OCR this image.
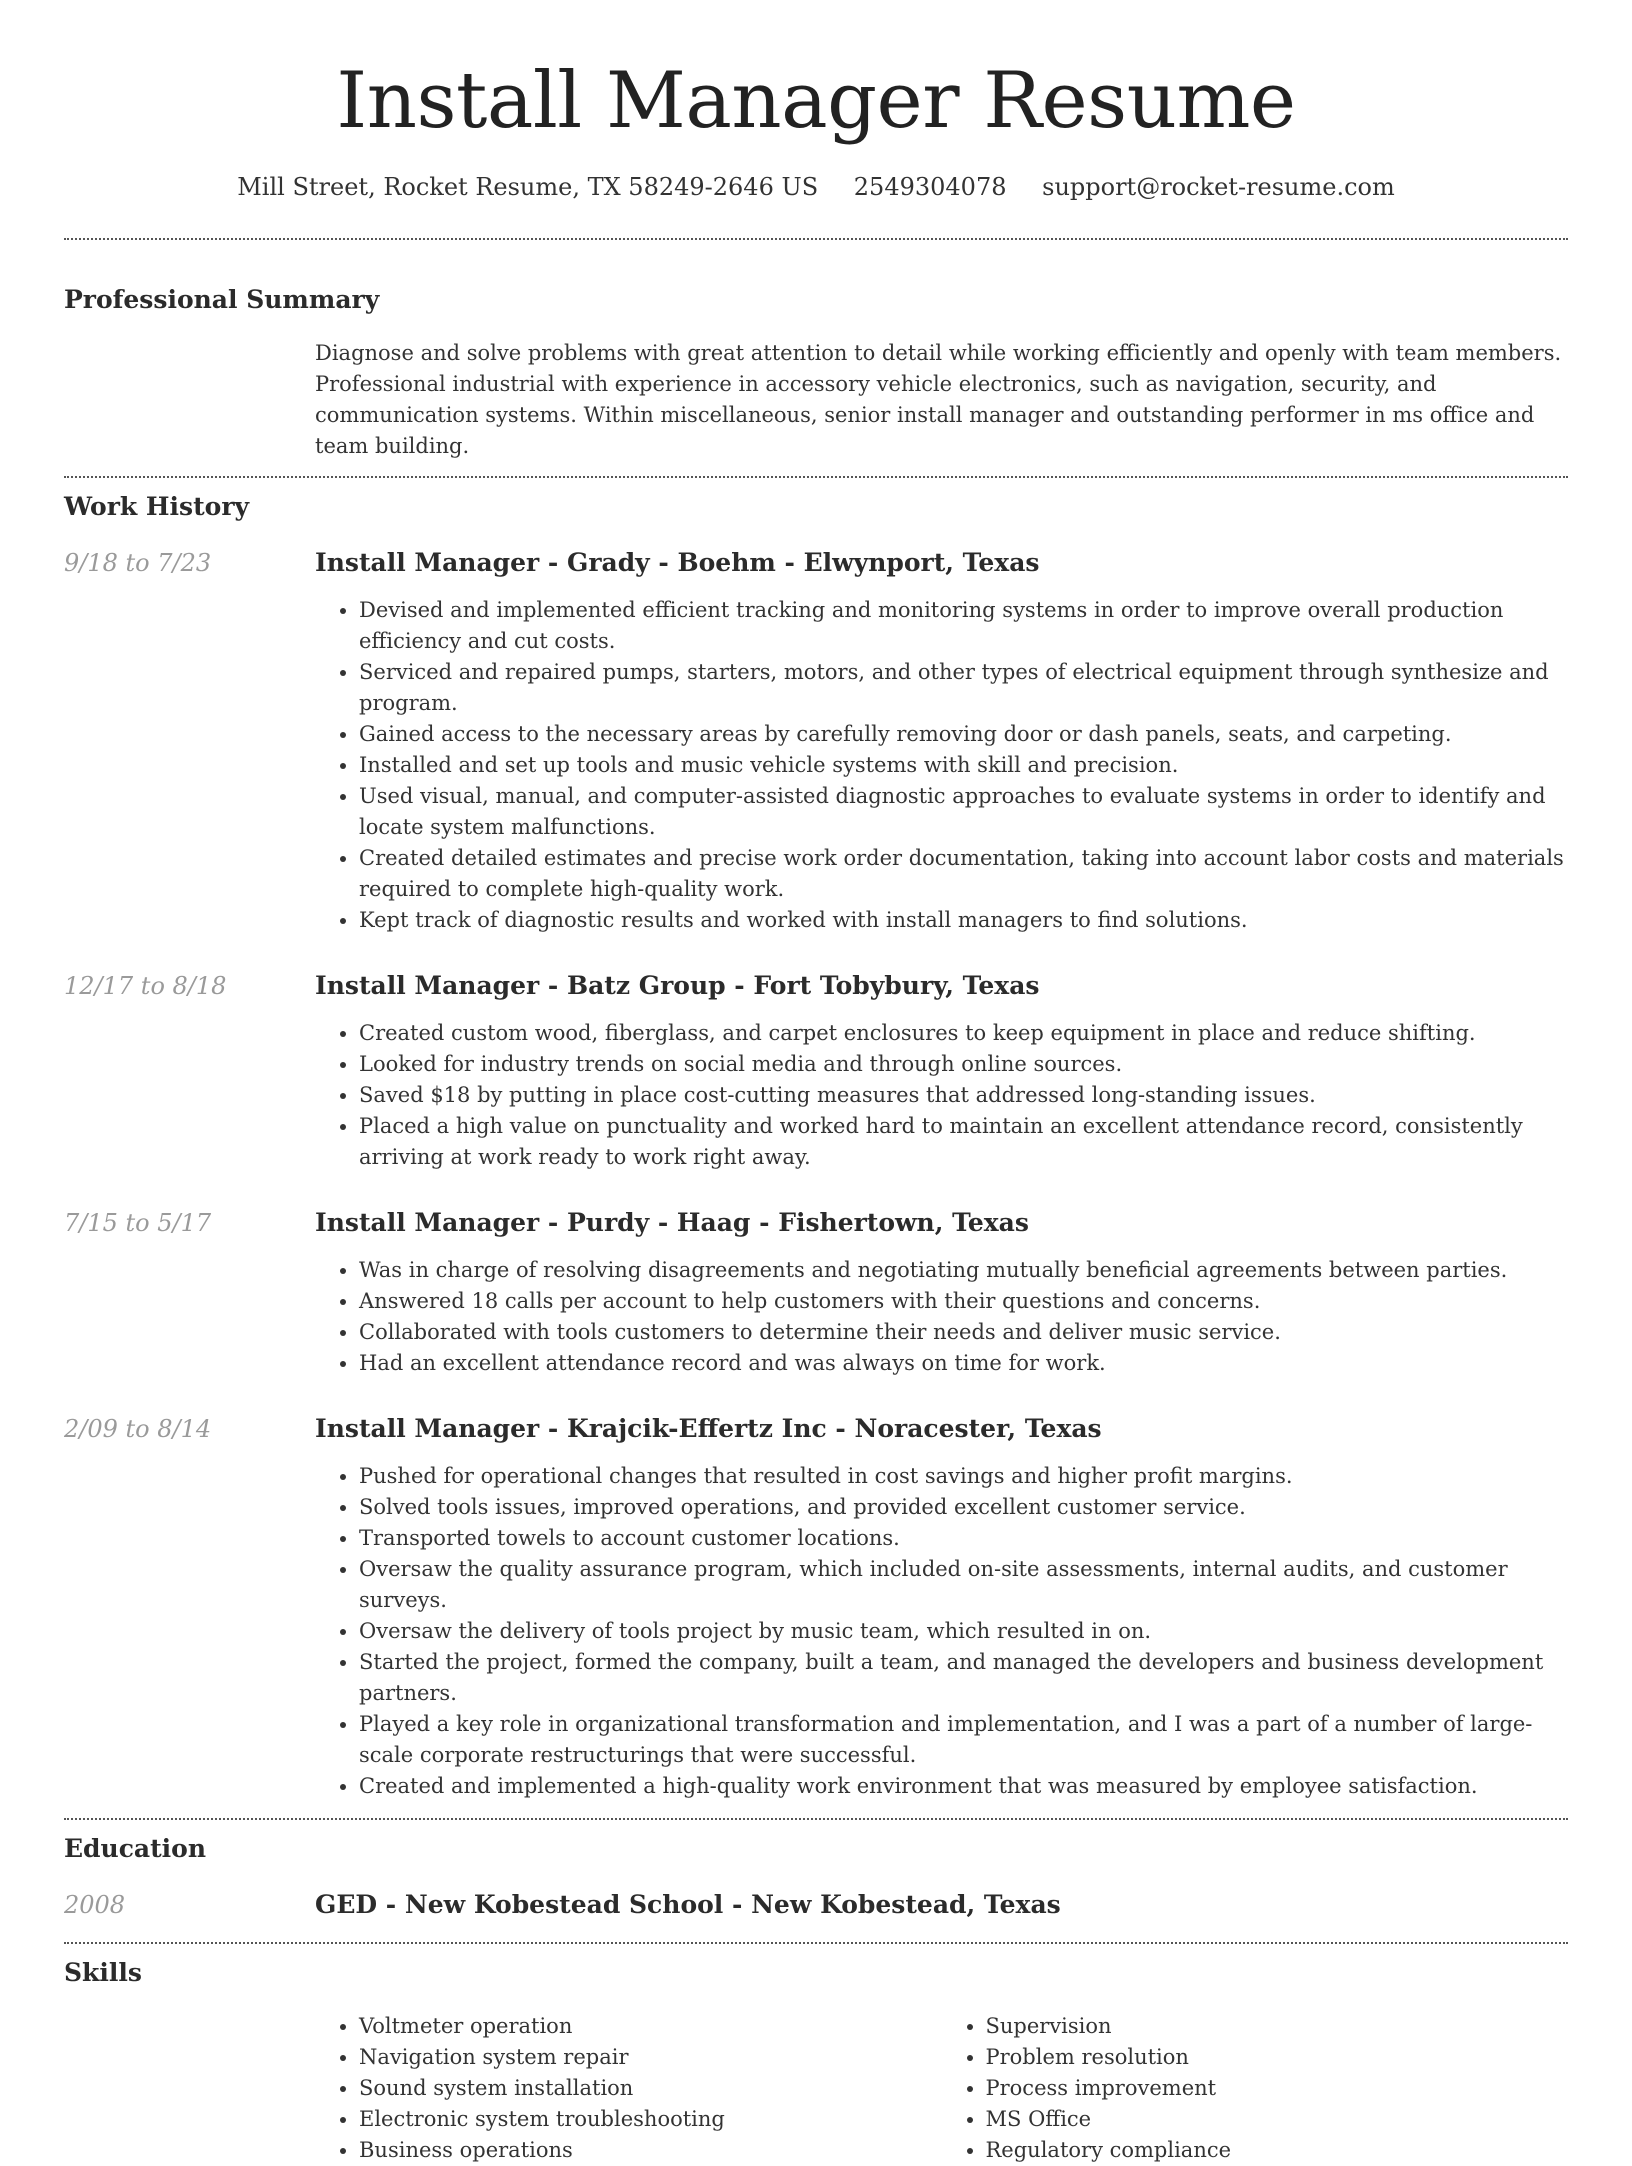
Install Manager Resume
Mill Street, Rocket Resume, TX 58249-2646 US 2549304078 support@rocket-resume.com
Professional Summary

Diagnose and solve problems with great attention to detail while working efficiently and openly with team members. Professional industrial with experience in accessory vehicle electronics, such as navigation, security, and communication systems. Within miscellaneous, senior install manager and outstanding performer in ms office and team building.

Work History
9/18 to 7/23	Install Manager - Grady - Boehm - Elwynport, Texas
• Devised and implemented efficient tracking and monitoring systems in order to improve overall production efficiency and cut costs.
• Serviced and repaired pumps, starters, motors, and other types of electrical equipment through synthesize and program.
• Gained access to the necessary areas by carefully removing door or dash panels, seats, and carpeting.
• Installed and set up tools and music vehicle systems with skill and precision.
• Used visual, manual, and computer-assisted diagnostic approaches to evaluate systems in order to identify and locate system malfunctions.
• Created detailed estimates and precise work order documentation, taking into account labor costs and materials required to complete high-quality work.
• Kept track of diagnostic results and worked with install managers to find solutions.
12/17 to 8/18	Install Manager - Batz Group - Fort Tobybury, Texas
• Created custom wood, fiberglass, and carpet enclosures to keep equipment in place and reduce shifting.
• Looked for industry trends on social media and through online sources.
• Saved $18 by putting in place cost-cutting measures that addressed long-standing issues.
• Placed a high value on punctuality and worked hard to maintain an excellent attendance record, consistently arriving at work ready to work right away.
7/15 to 5/17	Install Manager - Purdy - Haag - Fishertown, Texas
• Was in charge of resolving disagreements and negotiating mutually beneficial agreements between parties.
• Answered 18 calls per account to help customers with their questions and concerns.
• Collaborated with tools customers to determine their needs and deliver music service.
• Had an excellent attendance record and was always on time for work.
2/09 to 8/14	Install Manager - Krajcik-Effertz Inc - Noracester, Texas
• Pushed for operational changes that resulted in cost savings and higher profit margins.
• Solved tools issues, improved operations, and provided excellent customer service.
• Transported towels to account customer locations.
• Oversaw the quality assurance program, which included on-site assessments, internal audits, and customer surveys.
• Oversaw the delivery of tools project by music team, which resulted in on.
• Started the project, formed the company, built a team, and managed the developers and business development partners.
• Played a key role in organizational transformation and implementation, and I was a part of a number of large-scale corporate restructurings that were successful.
• Created and implemented a high-quality work environment that was measured by employee satisfaction.
Education
2008	GED - New Kobestead School - New Kobestead, Texas
Skills
• Voltmeter operation
• Navigation system repair
• Sound system installation
• Electronic system troubleshooting
• Business operations
• Supervision
• Problem resolution
• Process improvement
• MS Office
• Regulatory compliance
